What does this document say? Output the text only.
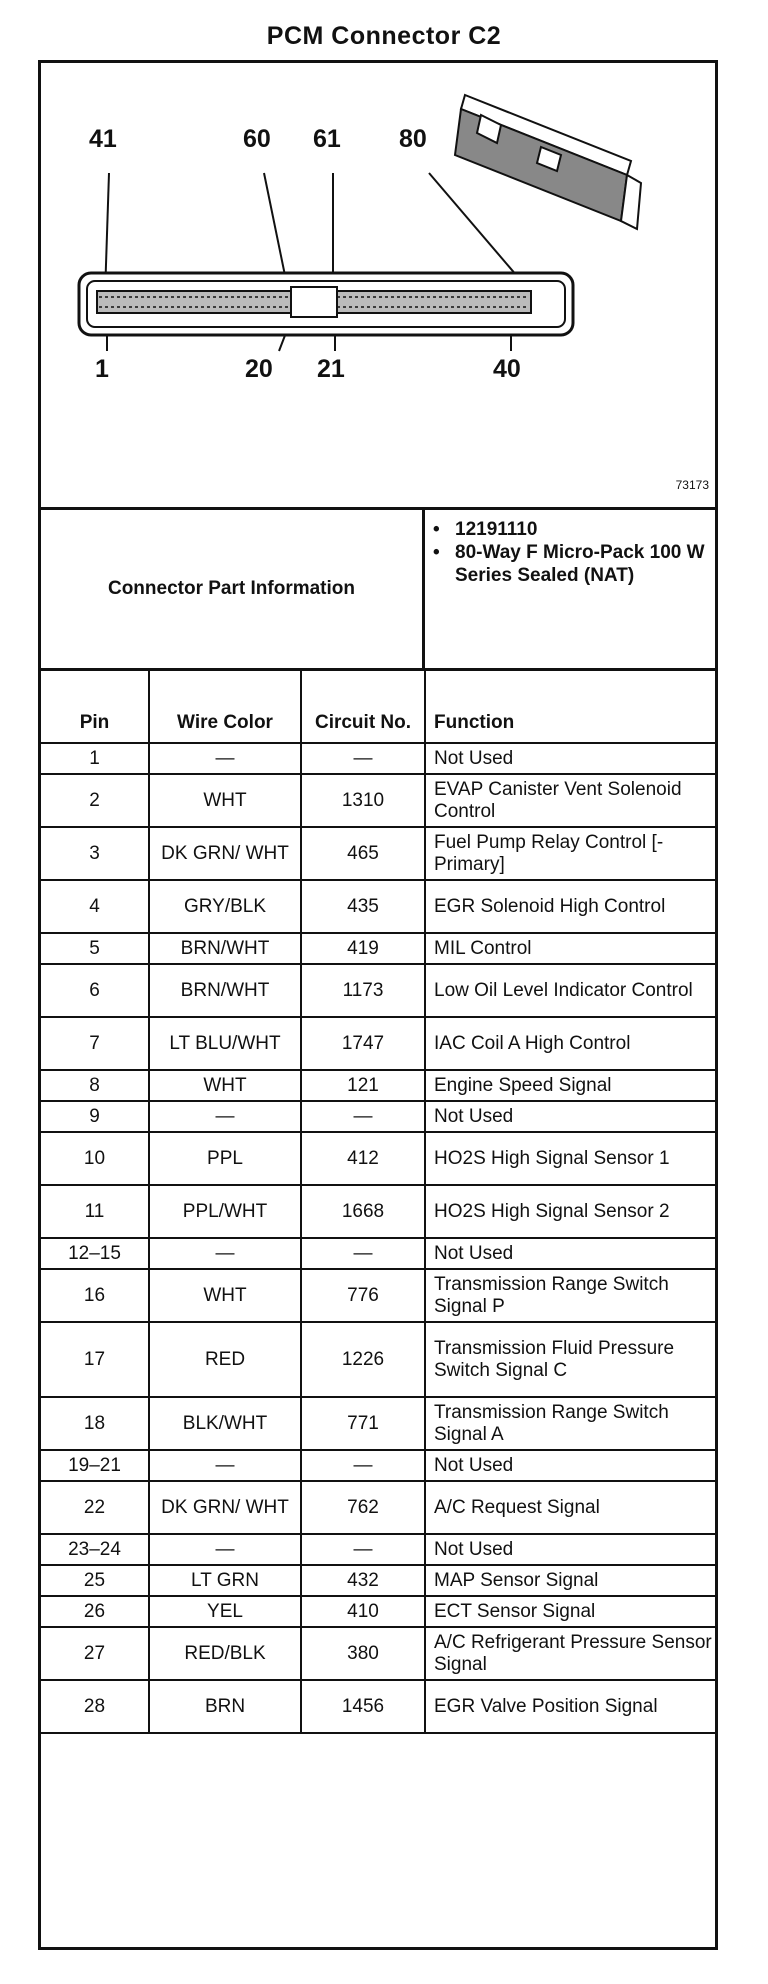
PCM Connector C2
41	60 61 80
1	20 21	40
73173
Connector Part Information
• 12191110
• 80-Way F Micro-Pack 100 W Series Sealed (NAT)
Pin	Wire Color	Circuit No.	Function
1	—	—	Not Used
2	WHT	1310	EVAP Canister Vent Solenoid Control
3	DK GRN/ WHT	465	Fuel Pump Relay Control [- Primary]
4	GRY/BLK	435	EGR Solenoid High Control
5	BRN/WHT	419	MIL Control
6	BRN/WHT	1173	Low Oil Level Indicator Control
7	LT BLU/WHT	1747	IAC Coil A High Control
8	WHT	121	Engine Speed Signal
9	—	—	Not Used
10	PPL	412	HO2S High Signal Sensor 1
11	PPL/WHT	1668	HO2S High Signal Sensor 2
12–15	—	—	Not Used
16	WHT	776	Transmission Range Switch Signal P
17	RED	1226	Transmission Fluid Pressure Switch Signal C
18	BLK/WHT	771	Transmission Range Switch Signal A
19–21	—	—	Not Used
22	DK GRN/ WHT	762	A/C Request Signal
23–24	—	—	Not Used
25	LT GRN	432	MAP Sensor Signal
26	YEL	410	ECT Sensor Signal
27	RED/BLK	380	A/C Refrigerant Pressure Sensor Signal
28	BRN	1456	EGR Valve Position Signal
